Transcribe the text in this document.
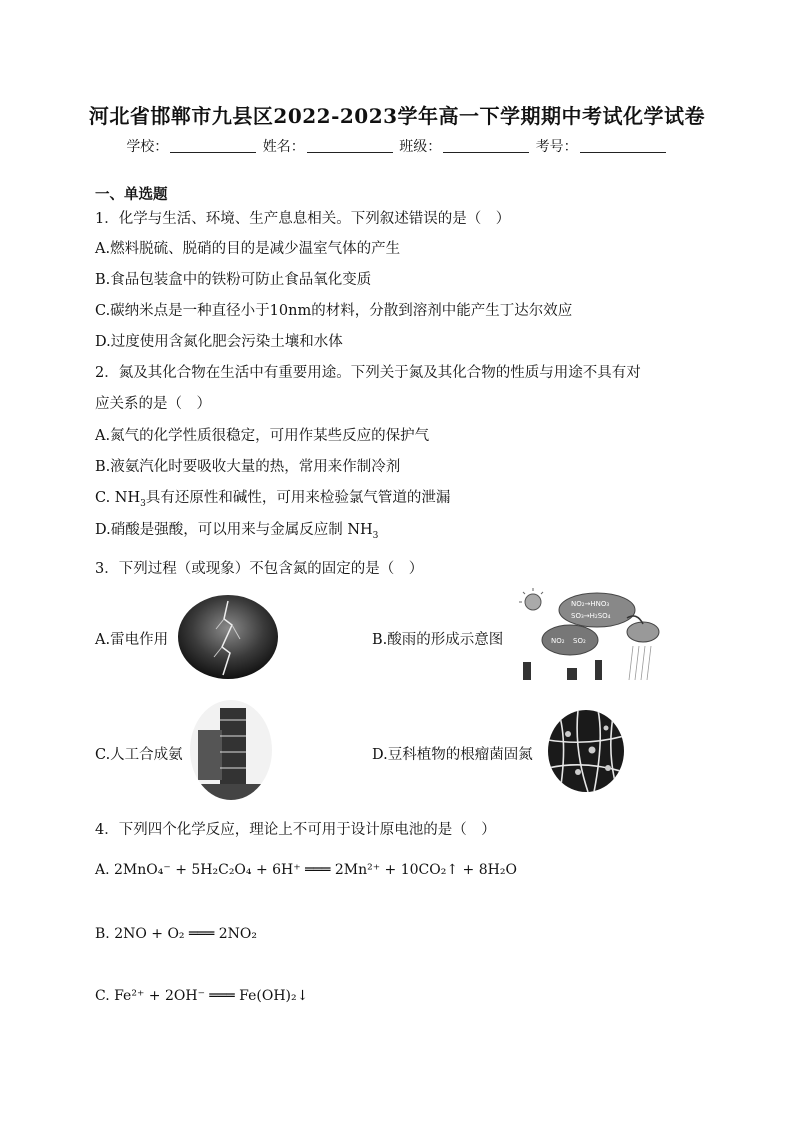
河北省邯郸市九县区2022-2023学年高一下学期期中考试化学试卷
学校：	姓名：	班级：	考号：
一、单选题
1．化学与生活、环境、生产息息相关。下列叙述错误的是（　）
A.燃料脱硫、脱硝的目的是减少温室气体的产生
B.食品包装盒中的铁粉可防止食品氧化变质
C.碳纳米点是一种直径小于10nm的材料，分散到溶剂中能产生丁达尔效应
D.过度使用含氮化肥会污染土壤和水体
2．氮及其化合物在生活中有重要用途。下列关于氮及其化合物的性质与用途不具有对
应关系的是（　）
A.氮气的化学性质很稳定，可用作某些反应的保护气
B.液氨汽化时要吸收大量的热，常用来作制冷剂
C. $NH_3$具有还原性和碱性，可用来检验氯气管道的泄漏
D.硝酸是强酸，可以用来与金属反应制 $NH_3$
3．下列过程（或现象）不包含氮的固定的是（　）
A.雷电作用	B.酸雨的形成示意图
NO₂→HNO₃
SO₃→H₂SO₄
NO₂ SO₂
C.人工合成氨	D.豆科植物的根瘤菌固氮
4．下列四个化学反应，理论上不可用于设计原电池的是（　）
A. 2MnO₄⁻ + 5H₂C₂O₄ + 6H⁺ ═══ 2Mn²⁺ + 10CO₂↑ + 8H₂O
B. 2NO + O₂ ═══ 2NO₂
C. Fe²⁺ + 2OH⁻ ═══ Fe(OH)₂↓
